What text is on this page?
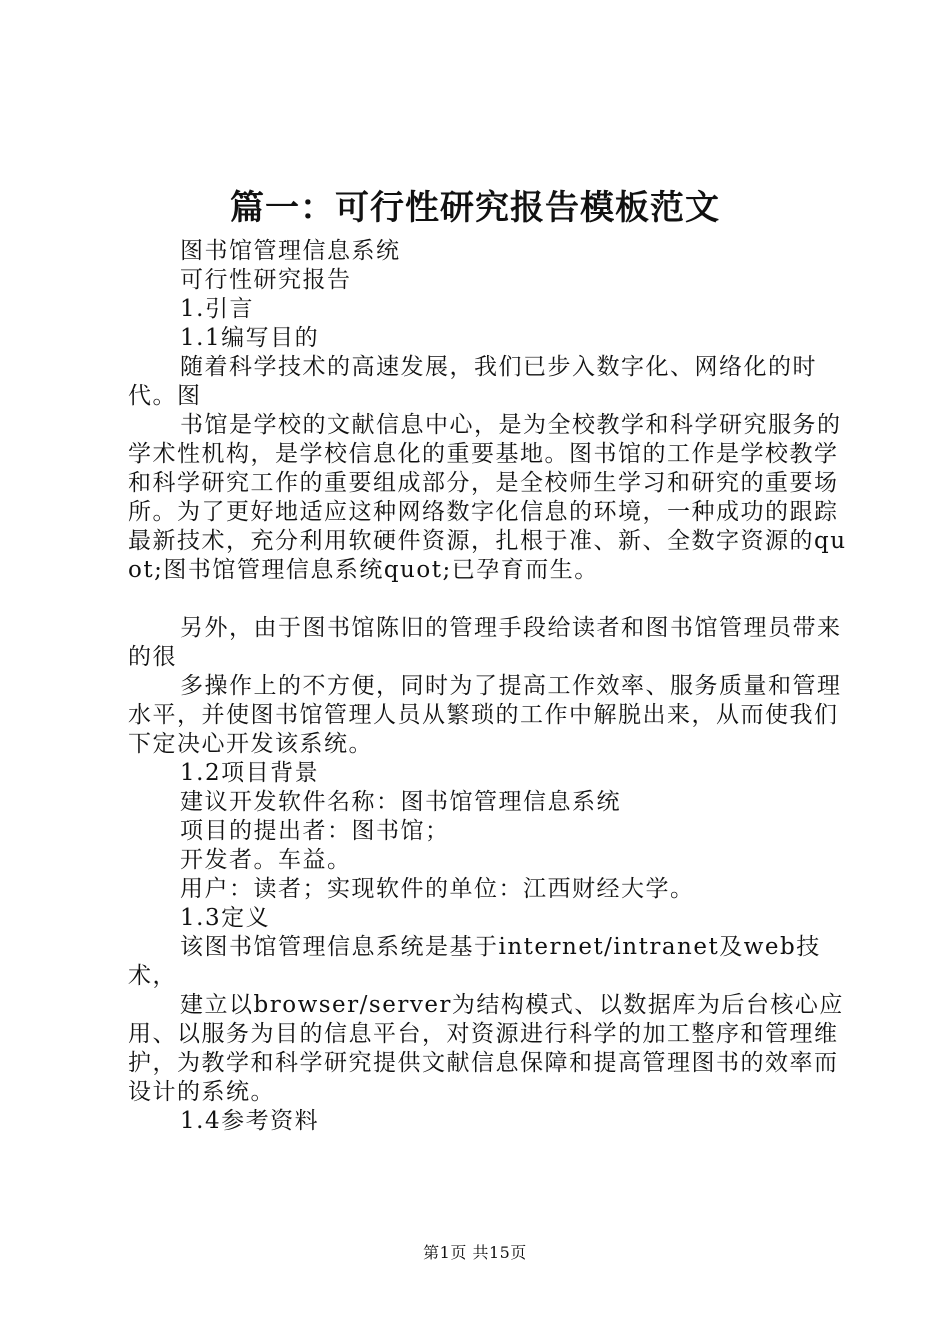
篇一：可行性研究报告模板范文

图书馆管理信息系统

可行性研究报告

1.引言

1.1编写目的

随着科学技术的高速发展，我们已步入数字化、网络化的时代。图

书馆是学校的文献信息中心，是为全校教学和科学研究服务的学术性机构，是学校信息化的重要基地。图书馆的工作是学校教学和科学研究工作的重要组成部分，是全校师生学习和研究的重要场所。为了更好地适应这种网络数字化信息的环境，一种成功的跟踪最新技术，充分利用软硬件资源，扎根于准、新、全数字资源的quot;图书馆管理信息系统quot;已孕育而生。

另外，由于图书馆陈旧的管理手段给读者和图书馆管理员带来的很

多操作上的不方便，同时为了提高工作效率、服务质量和管理水平，并使图书馆管理人员从繁琐的工作中解脱出来，从而使我们下定决心开发该系统。

1.2项目背景

建议开发软件名称：图书馆管理信息系统

项目的提出者：图书馆；

开发者。车益。

用户：读者；实现软件的单位：江西财经大学。

1.3定义

该图书馆管理信息系统是基于internet/intranet及web技术，

建立以browser/server为结构模式、以数据库为后台核心应用、以服务为目的信息平台，对资源进行科学的加工整序和管理维护，为教学和科学研究提供文献信息保障和提高管理图书的效率而设计的系统。

1.4参考资料

第1页 共15页
